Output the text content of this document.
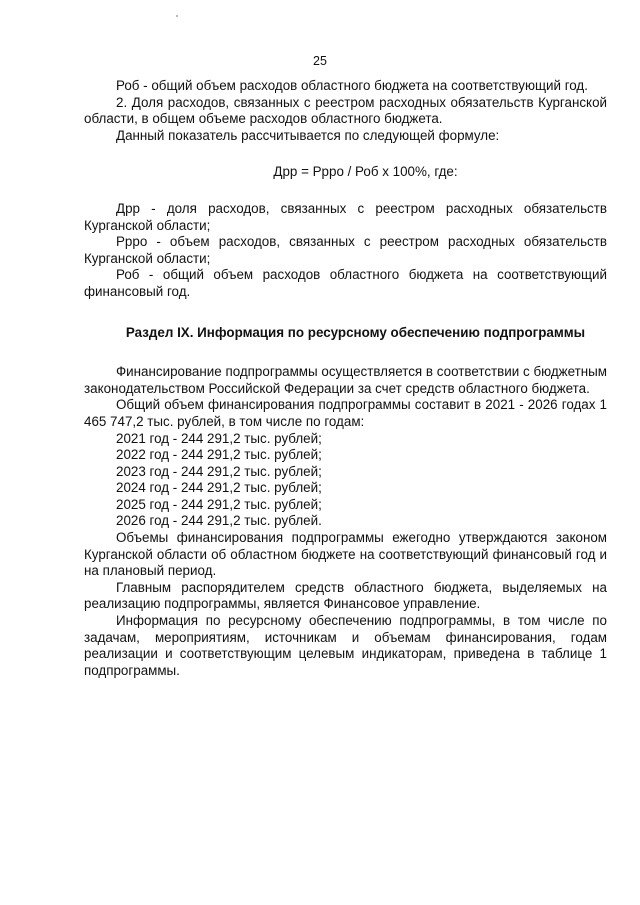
25

Роб - общий объем расходов областного бюджета на соответствующий год.

2. Доля расходов, связанных с реестром расходных обязательств Курганской области, в общем объеме расходов областного бюджета.

Данный показатель рассчитывается по следующей формуле:

Дрр = Ррро / Роб х 100%, где:

Дрр - доля расходов, связанных с реестром расходных обязательств Курганской области;

Ррро - объем расходов, связанных с реестром расходных обязательств Курганской области;

Роб - общий объем расходов областного бюджета на соответствующий финансовый год.

Раздел IX. Информация по ресурсному обеспечению подпрограммы

Финансирование подпрограммы осуществляется в соответствии с бюджетным законодательством Российской Федерации за счет средств областного бюджета.

Общий объем финансирования подпрограммы составит в 2021 - 2026 годах 1 465 747,2 тыс. рублей, в том числе по годам:

2021 год - 244 291,2 тыс. рублей;

2022 год - 244 291,2 тыс. рублей;

2023 год - 244 291,2 тыс. рублей;

2024 год - 244 291,2 тыс. рублей;

2025 год - 244 291,2 тыс. рублей;

2026 год - 244 291,2 тыс. рублей.

Объемы финансирования подпрограммы ежегодно утверждаются законом Курганской области об областном бюджете на соответствующий финансовый год и на плановый период.

Главным распорядителем средств областного бюджета, выделяемых на реализацию подпрограммы, является Финансовое управление.

Информация по ресурсному обеспечению подпрограммы, в том числе по задачам, мероприятиям, источникам и объемам финансирования, годам реализации и соответствующим целевым индикаторам, приведена в таблице 1 подпрограммы.
